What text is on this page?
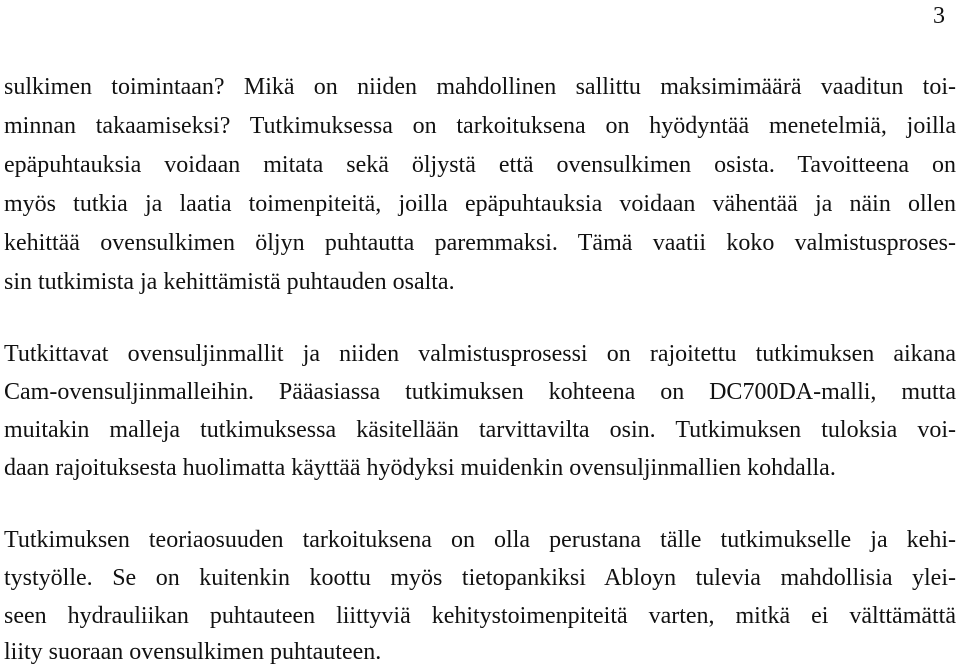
3
sulkimen toimintaan? Mikä on niiden mahdollinen sallittu maksimimäärä vaaditun toi-
minnan takaamiseksi? Tutkimuksessa on tarkoituksena on hyödyntää menetelmiä, joilla
epäpuhtauksia voidaan mitata sekä öljystä että ovensulkimen osista. Tavoitteena on
myös tutkia ja laatia toimenpiteitä, joilla epäpuhtauksia voidaan vähentää ja näin ollen
kehittää ovensulkimen öljyn puhtautta paremmaksi. Tämä vaatii koko valmistusproses-
sin tutkimista ja kehittämistä puhtauden osalta.
Tutkittavat ovensuljinmallit ja niiden valmistusprosessi on rajoitettu tutkimuksen aikana
Cam-ovensuljinmalleihin. Pääasiassa tutkimuksen kohteena on DC700DA-malli, mutta
muitakin malleja tutkimuksessa käsitellään tarvittavilta osin. Tutkimuksen tuloksia voi-
daan rajoituksesta huolimatta käyttää hyödyksi muidenkin ovensuljinmallien kohdalla.
Tutkimuksen teoriaosuuden tarkoituksena on olla perustana tälle tutkimukselle ja kehi-
tystyölle. Se on kuitenkin koottu myös tietopankiksi Abloyn tulevia mahdollisia ylei-
seen hydrauliikan puhtauteen liittyviä kehitystoimenpiteitä varten, mitkä ei välttämättä
liity suoraan ovensulkimen puhtauteen.
